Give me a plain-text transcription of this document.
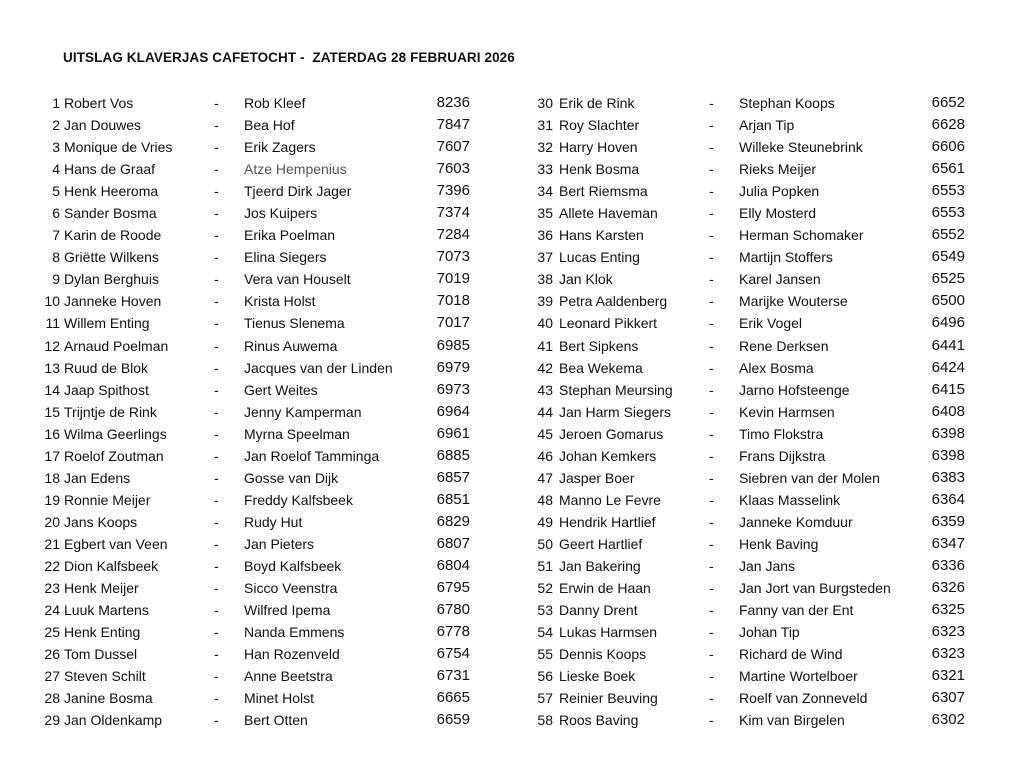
UITSLAG KLAVERJAS CAFETOCHT -  ZATERDAG 28 FEBRUARI 2026
1 Robert Vos	- Rob Kleef	8236
2 Jan Douwes	- Bea Hof	7847
3 Monique de Vries	- Erik Zagers	7607
4 Hans de Graaf	- Atze Hempenius	7603
5 Henk Heeroma	- Tjeerd Dirk Jager	7396
6 Sander Bosma	- Jos Kuipers	7374
7 Karin de Roode	- Erika Poelman	7284
8 Griëtte Wilkens	- Elina Siegers	7073
9 Dylan Berghuis	- Vera van Houselt	7019
10 Janneke Hoven	- Krista Holst	7018
11 Willem Enting	- Tienus Slenema	7017
12 Arnaud Poelman	- Rinus Auwema	6985
13 Ruud de Blok	- Jacques van der Linden	6979
14 Jaap Spithost	- Gert Weites	6973
15 Trijntje de Rink	- Jenny Kamperman	6964
16 Wilma Geerlings	- Myrna Speelman	6961
17 Roelof Zoutman	- Jan Roelof Tamminga	6885
18 Jan Edens	- Gosse van Dijk	6857
19 Ronnie Meijer	- Freddy Kalfsbeek	6851
20 Jans Koops	- Rudy Hut	6829
21 Egbert van Veen	- Jan Pieters	6807
22 Dion Kalfsbeek	- Boyd Kalfsbeek	6804
23 Henk Meijer	- Sicco Veenstra	6795
24 Luuk Martens	- Wilfred Ipema	6780
25 Henk Enting	- Nanda Emmens	6778
26 Tom Dussel	- Han Rozenveld	6754
27 Steven Schilt	- Anne Beetstra	6731
28 Janine Bosma	- Minet Holst	6665
29 Jan Oldenkamp	- Bert Otten	6659
30 Erik de Rink	- Stephan Koops	6652
31 Roy Slachter	- Arjan Tip	6628
32 Harry Hoven	- Willeke Steunebrink	6606
33 Henk Bosma	- Rieks Meijer	6561
34 Bert Riemsma	- Julia Popken	6553
35 Allete Haveman	- Elly Mosterd	6553
36 Hans Karsten	- Herman Schomaker	6552
37 Lucas Enting	- Martijn Stoffers	6549
38 Jan Klok	- Karel Jansen	6525
39 Petra Aaldenberg	- Marijke Wouterse	6500
40 Leonard Pikkert	- Erik Vogel	6496
41 Bert Sipkens	- Rene Derksen	6441
42 Bea Wekema	- Alex Bosma	6424
43 Stephan Meursing	- Jarno Hofsteenge	6415
44 Jan Harm Siegers	- Kevin Harmsen	6408
45 Jeroen Gomarus	- Timo Flokstra	6398
46 Johan Kemkers	- Frans Dijkstra	6398
47 Jasper Boer	- Siebren van der Molen	6383
48 Manno Le Fevre	- Klaas Masselink	6364
49 Hendrik Hartlief	- Janneke Komduur	6359
50 Geert Hartlief	- Henk Baving	6347
51 Jan Bakering	- Jan Jans	6336
52 Erwin de Haan	- Jan Jort van Burgsteden	6326
53 Danny Drent	- Fanny van der Ent	6325
54 Lukas Harmsen	- Johan Tip	6323
55 Dennis Koops	- Richard de Wind	6323
56 Lieske Boek	- Martine Wortelboer	6321
57 Reinier Beuving	- Roelf van Zonneveld	6307
58 Roos Baving	- Kim van Birgelen	6302
